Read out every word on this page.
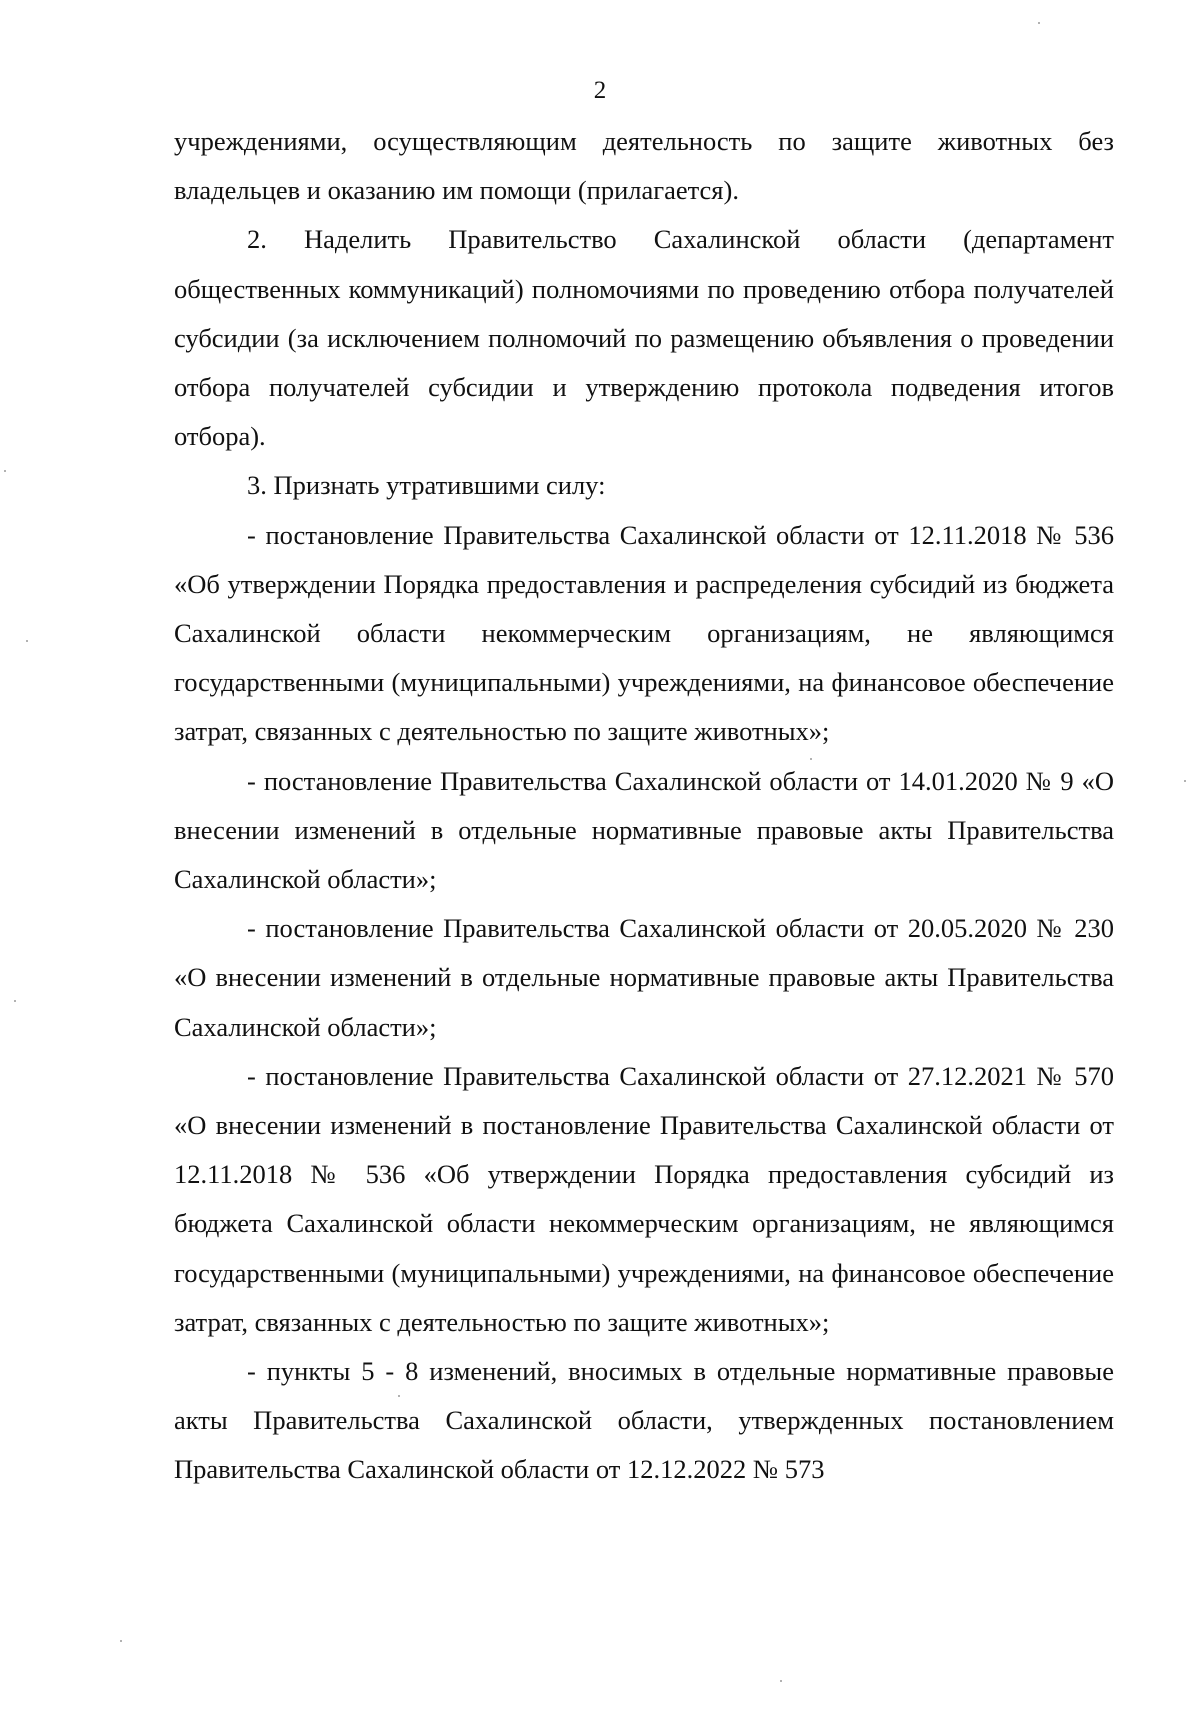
2

учреждениями, осуществляющим деятельность по защите животных без владельцев и оказанию им помощи (прилагается).

2. Наделить Правительство Сахалинской области (департамент общественных коммуникаций) полномочиями по проведению отбора получателей субсидии (за исключением полномочий по размещению объявления о проведении отбора получателей субсидии и утверждению протокола подведения итогов отбора).

3. Признать утратившими силу:

- постановление Правительства Сахалинской области от 12.11.2018 № 536 «Об утверждении Порядка предоставления и распределения субсидий из бюджета Сахалинской области некоммерческим организациям, не являющимся государственными (муниципальными) учреждениями, на финансовое обеспечение затрат, связанных с деятельностью по защите животных»;

- постановление Правительства Сахалинской области от 14.01.2020 № 9 «О внесении изменений в отдельные нормативные правовые акты Правительства Сахалинской области»;

- постановление Правительства Сахалинской области от 20.05.2020 № 230 «О внесении изменений в отдельные нормативные правовые акты Правительства Сахалинской области»;

- постановление Правительства Сахалинской области от 27.12.2021 № 570 «О внесении изменений в постановление Правительства Сахалинской области от 12.11.2018 № 536 «Об утверждении Порядка предоставления субсидий из бюджета Сахалинской области некоммерческим организациям, не являющимся государственными (муниципальными) учреждениями, на финансовое обеспечение затрат, связанных с деятельностью по защите животных»;

- пункты 5 - 8 изменений, вносимых в отдельные нормативные правовые акты Правительства Сахалинской области, утвержденных постановлением Правительства Сахалинской области от 12.12.2022 № 573
